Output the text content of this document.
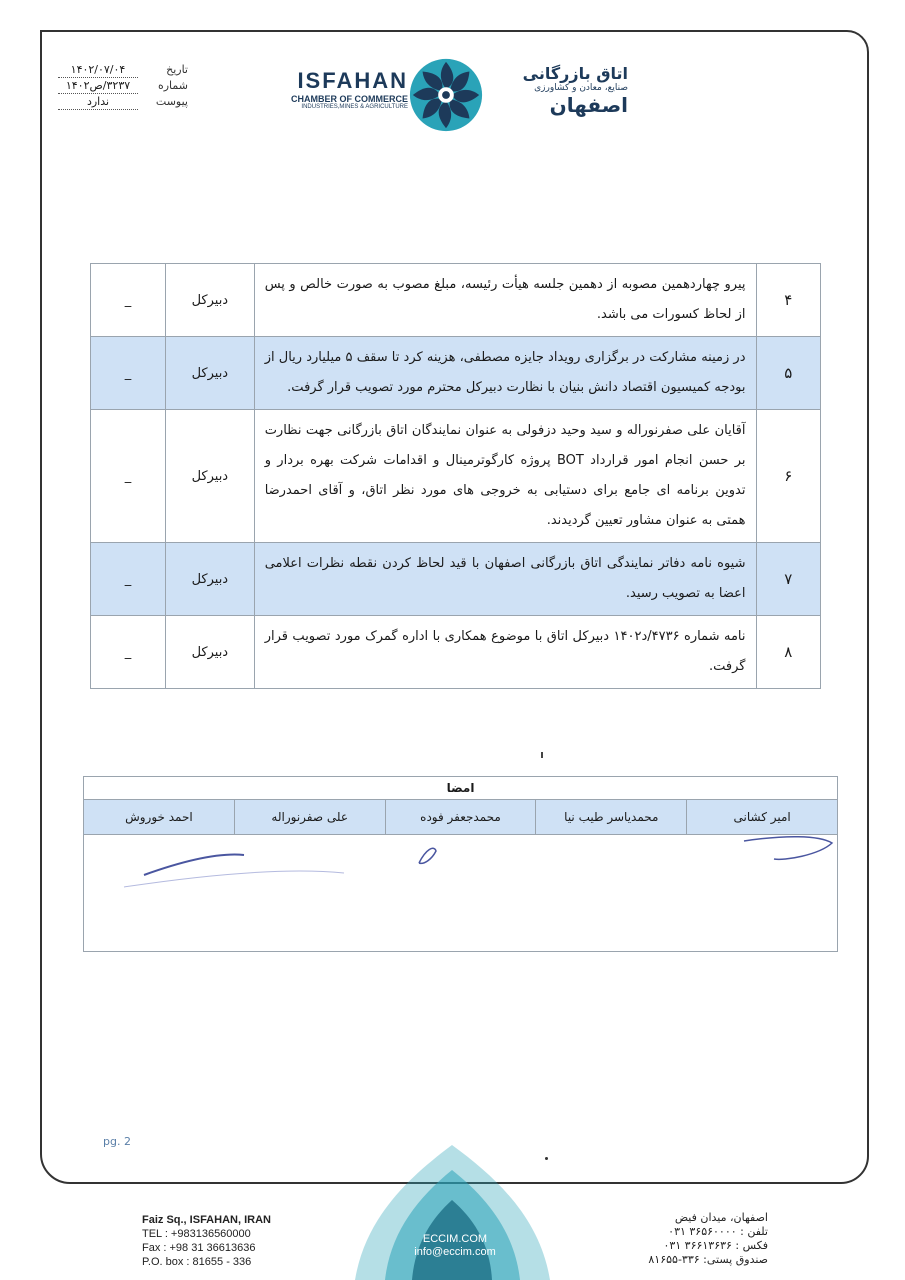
تاریخ
۱۴۰۲/۰۷/۰۴
شماره
۳۲۳۷/ص۱۴۰۲
پیوست
ندارد
ISFAHAN
CHAMBER OF COMMERCE
INDUSTRIES,MINES & AGRICULTURE
اتاق بازرگانی
صنایع، معادن و کشاورزی
اصفهان
۴	پیرو چهاردهمین مصوبه از دهمین جلسه هیأت رئیسه، مبلغ مصوب به صورت خالص و پس از لحاظ کسورات می باشد.	دبیرکل	_
۵	در زمینه مشارکت در برگزاری رویداد جایزه مصطفی، هزینه کرد تا سقف ۵ میلیارد ریال از بودجه کمیسیون اقتصاد دانش بنیان با نظارت دبیرکل محترم مورد تصویب قرار گرفت.	دبیرکل	_
۶	آقایان علی صفرنوراله و سید وحید دزفولی به عنوان نمایندگان اتاق بازرگانی جهت نظارت بر حسن انجام امور قرارداد BOT پروژه کارگوترمینال و اقدامات شرکت بهره بردار و تدوین برنامه ای جامع برای دستیابی به خروجی های مورد نظر اتاق، و آقای احمدرضا همتی به عنوان مشاور تعیین گردیدند.	دبیرکل	_
۷	شیوه نامه دفاتر نمایندگی اتاق بازرگانی اصفهان با قید لحاظ کردن نقطه نظرات اعلامی اعضا به تصویب رسید.	دبیرکل	_
۸	نامه شماره ۴۷۳۶/د۱۴۰۲ دبیرکل اتاق با موضوع همکاری با اداره گمرک مورد تصویب قرار گرفت.	دبیرکل	_
امضا
امیر کشانی
محمدیاسر طیب نیا
محمدجعفر فوده
علی صفرنوراله
احمد خوروش
pg. 2
Faiz Sq., ISFAHAN, IRAN
TEL : +983136560000
Fax : +98 31 36613636
P.O. box : 81655 - 336
ECCIM.COM
info@eccim.com
اصفهان، میدان فیض
تلفن : ۳۶۵۶۰۰۰۰ ۰۳۱
فکس : ۳۶۶۱۳۶۳۶ ۰۳۱
صندوق پستی: ۳۳۶-۸۱۶۵۵
